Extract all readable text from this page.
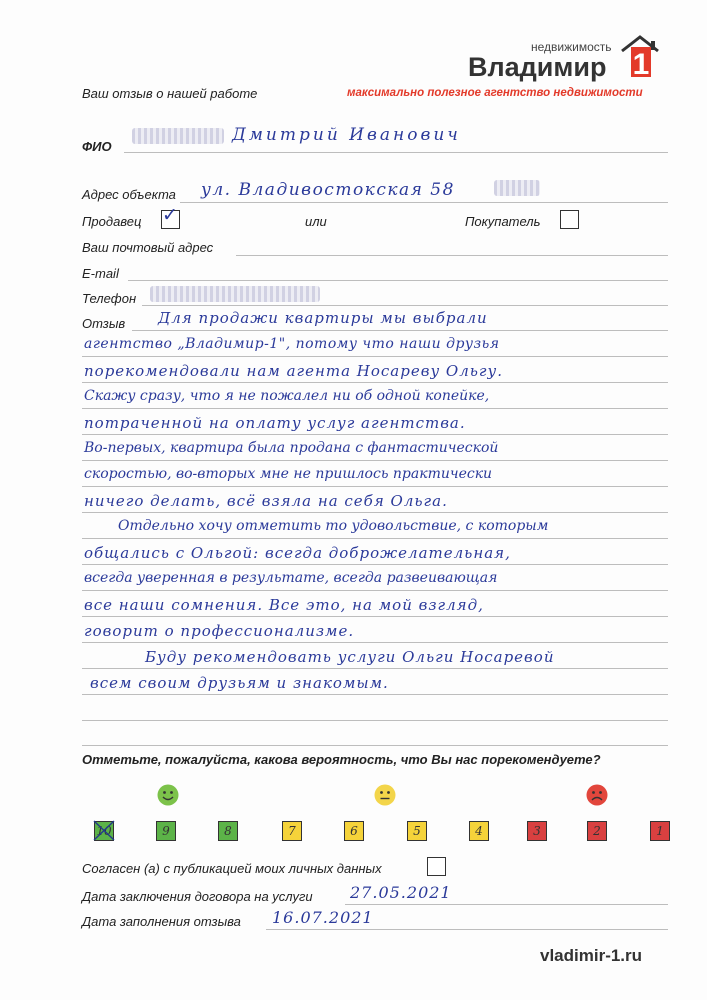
недвижимость
Владимир 1
максимально полезное агентство недвижимости
Ваш отзыв о нашей работе
ФИО
Дмитрий Иванович
Адрес объекта ул. Владивостокская 58
Продавец ✓	или	Покупатель
Ваш почтовый адрес
E-mail
Телефон
Отзыв Для продажи квартиры мы выбрали
агентство „Владимир-1", потому что наши друзья
порекомендовали нам агента Носареву Ольгу.
Скажу сразу, что я не пожалел ни об одной копейке,
потраченной на оплату услуг агентства.
Во-первых, квартира была продана с фантастической
скоростью, во-вторых мне не пришлось практически
ничего делать, всё взяла на себя Ольга.
Отдельно хочу отметить то удовольствие, с которым
общались с Ольгой: всегда доброжелательная,
всегда уверенная в результате, всегда развеивающая
все наши сомнения. Все это, на мой взгляд,
говорит о профессионализме.
Буду рекомендовать услуги Ольги Носаревой
всем своим друзьям и знакомым.
Отметьте, пожалуйста, какова вероятность, что Вы нас порекомендуете?
10	9	8	7	6	5	4	3	2	1
Согласен (а) с публикацией моих личных данных
Дата заключения договора на услуги 27.05.2021
Дата заполнения отзыва 16.07.2021
vladimir-1.ru
